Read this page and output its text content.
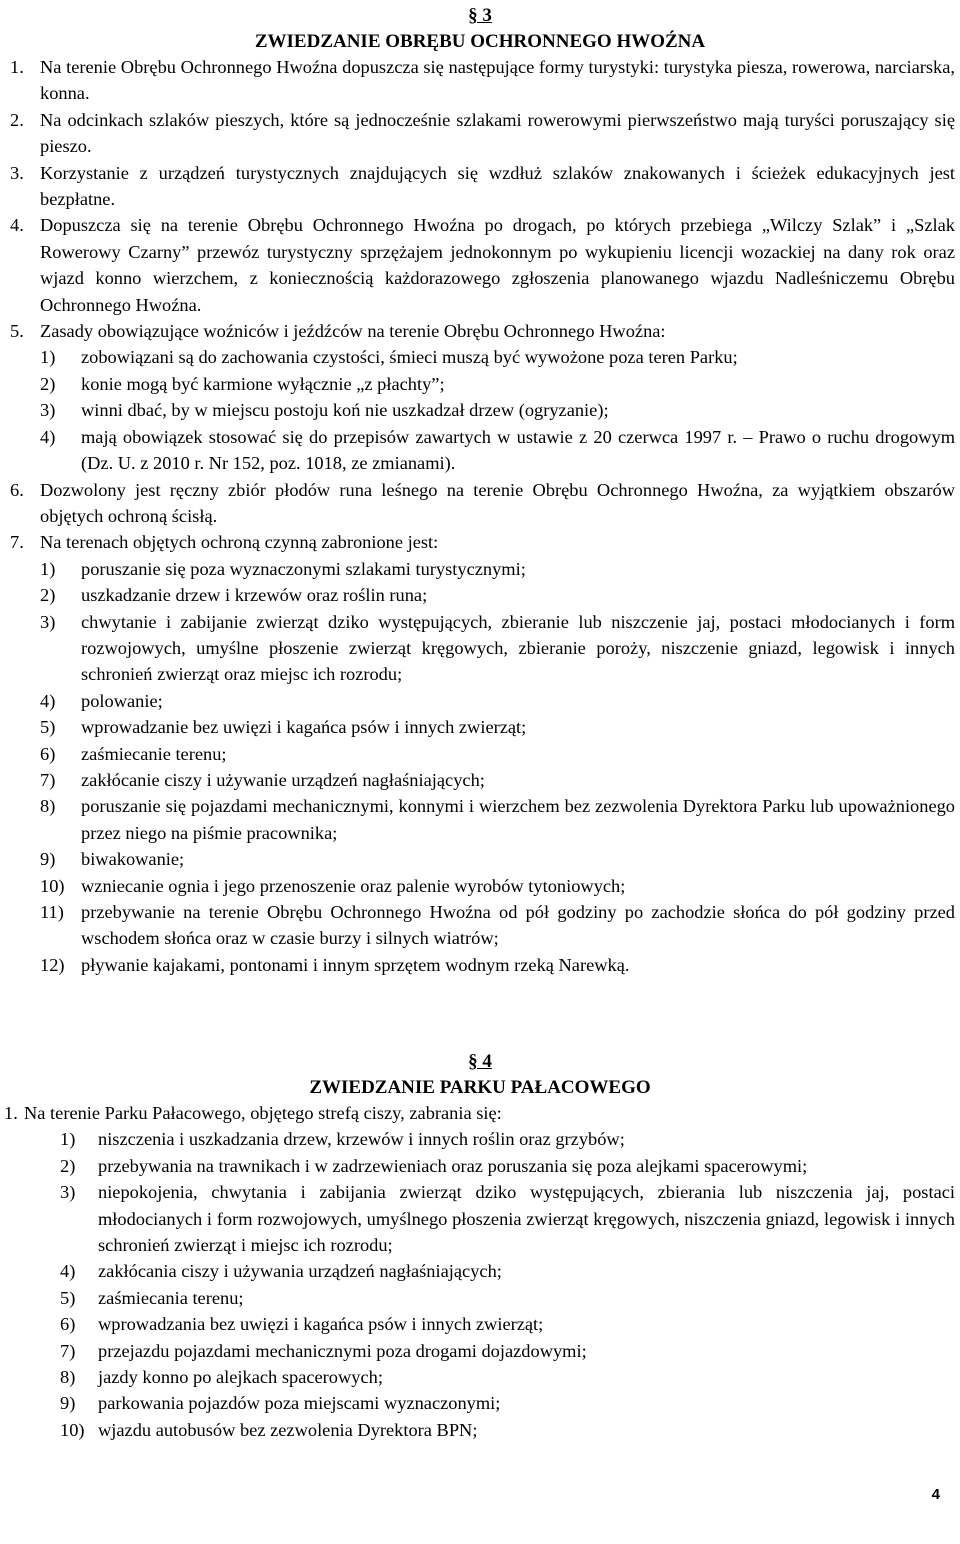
§ 3
ZWIEDZANIE OBRĘBU OCHRONNEGO HWOŹNA
1. Na terenie Obrębu Ochronnego Hwoźna dopuszcza się następujące formy turystyki: turystyka piesza, rowerowa, narciarska, konna.
2. Na odcinkach szlaków pieszych, które są jednocześnie szlakami rowerowymi pierwszeństwo mają turyści poruszający się pieszo.
3. Korzystanie z urządzeń turystycznych znajdujących się wzdłuż szlaków znakowanych i ścieżek edukacyjnych jest bezpłatne.
4. Dopuszcza się na terenie Obrębu Ochronnego Hwoźna po drogach, po których przebiega „Wilczy Szlak” i „Szlak Rowerowy Czarny” przewóz turystyczny sprzężajem jednokonnym po wykupieniu licencji wozackiej na dany rok oraz wjazd konno wierzchem, z koniecznością każdorazowego zgłoszenia planowanego wjazdu Nadleśniczemu Obrębu Ochronnego Hwoźna.
5. Zasady obowiązujące woźniców i jeźdźców na terenie Obrębu Ochronnego Hwoźna:
1) zobowiązani są do zachowania czystości, śmieci muszą być wywożone poza teren Parku;
2) konie mogą być karmione wyłącznie „z płachty”;
3) winni dbać, by w miejscu postoju koń nie uszkadzał drzew (ogryzanie);
4) mają obowiązek stosować się do przepisów zawartych w ustawie z 20 czerwca 1997 r. – Prawo o ruchu drogowym (Dz. U. z 2010 r. Nr 152, poz. 1018, ze zmianami).
6. Dozwolony jest ręczny zbiór płodów runa leśnego na terenie Obrębu Ochronnego Hwoźna, za wyjątkiem obszarów objętych ochroną ścisłą.
7. Na terenach objętych ochroną czynną zabronione jest:
1) poruszanie się poza wyznaczonymi szlakami turystycznymi;
2) uszkadzanie drzew i krzewów oraz roślin runa;
3) chwytanie i zabijanie zwierząt dziko występujących, zbieranie lub niszczenie jaj, postaci młodocianych i form rozwojowych, umyślne płoszenie zwierząt kręgowych, zbieranie poroży, niszczenie gniazd, legowisk i innych schronień zwierząt oraz miejsc ich rozrodu;
4) polowanie;
5) wprowadzanie bez uwięzi i kagańca psów i innych zwierząt;
6) zaśmiecanie terenu;
7) zakłócanie ciszy i używanie urządzeń nagłaśniających;
8) poruszanie się pojazdami mechanicznymi, konnymi i wierzchem bez zezwolenia Dyrektora Parku lub upoważnionego przez niego na piśmie pracownika;
9) biwakowanie;
10) wzniecanie ognia i jego przenoszenie oraz palenie wyrobów tytoniowych;
11) przebywanie na terenie Obrębu Ochronnego Hwoźna od pół godziny po zachodzie słońca do pół godziny przed wschodem słońca oraz w czasie burzy i silnych wiatrów;
12) pływanie kajakami, pontonami i innym sprzętem wodnym rzeką Narewką.
§ 4
ZWIEDZANIE PARKU PAŁACOWEGO
1. Na terenie Parku Pałacowego, objętego strefą ciszy, zabrania się:
1) niszczenia i uszkadzania drzew, krzewów i innych roślin oraz grzybów;
2) przebywania na trawnikach i w zadrzewieniach oraz poruszania się poza alejkami spacerowymi;
3) niepokojenia, chwytania i zabijania zwierząt dziko występujących, zbierania lub niszczenia jaj, postaci młodocianych i form rozwojowych, umyślnego płoszenia zwierząt kręgowych, niszczenia gniazd, legowisk i innych schronień zwierząt i miejsc ich rozrodu;
4) zakłócania ciszy i używania urządzeń nagłaśniających;
5) zaśmiecania terenu;
6) wprowadzania bez uwięzi i kagańca psów i innych zwierząt;
7) przejazdu pojazdami mechanicznymi poza drogami dojazdowymi;
8) jazdy konno po alejkach spacerowych;
9) parkowania pojazdów poza miejscami wyznaczonymi;
10) wjazdu autobusów bez zezwolenia Dyrektora BPN;
4
